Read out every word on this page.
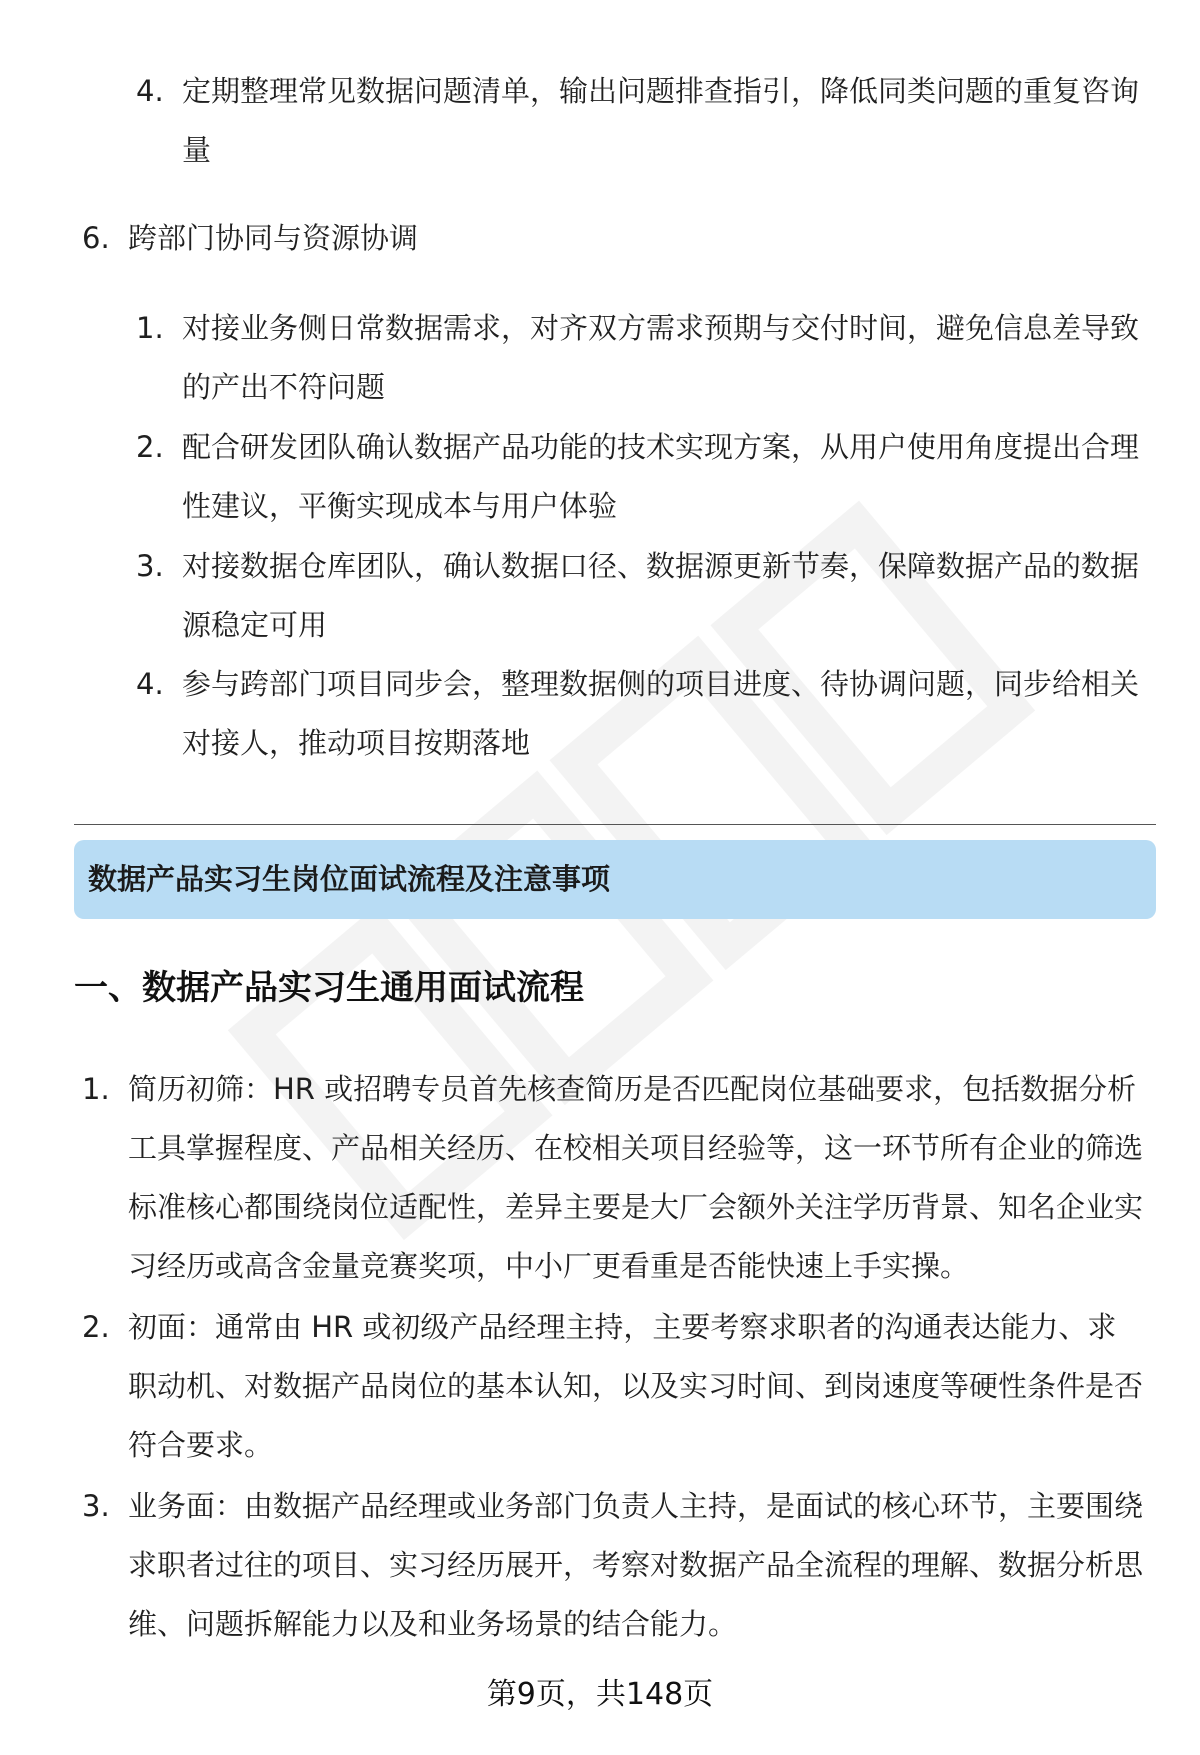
4. 定期整理常见数据问题清单，输出问题排查指引，降低同类问题的重复咨询量
6. 跨部门协同与资源协调
1. 对接业务侧日常数据需求，对齐双方需求预期与交付时间，避免信息差导致的产出不符问题
2. 配合研发团队确认数据产品功能的技术实现方案，从用户使用角度提出合理性建议，平衡实现成本与用户体验
3. 对接数据仓库团队，确认数据口径、数据源更新节奏，保障数据产品的数据源稳定可用
4. 参与跨部门项目同步会，整理数据侧的项目进度、待协调问题，同步给相关对接人，推动项目按期落地
数据产品实习生岗位面试流程及注意事项
一、数据产品实习生通用面试流程
1. 简历初筛：HR 或招聘专员首先核查简历是否匹配岗位基础要求，包括数据分析工具掌握程度、产品相关经历、在校相关项目经验等，这一环节所有企业的筛选标准核心都围绕岗位适配性，差异主要是大厂会额外关注学历背景、知名企业实习经历或高含金量竞赛奖项，中小厂更看重是否能快速上手实操。
2. 初面：通常由 HR 或初级产品经理主持，主要考察求职者的沟通表达能力、求职动机、对数据产品岗位的基本认知，以及实习时间、到岗速度等硬性条件是否符合要求。
3. 业务面：由数据产品经理或业务部门负责人主持，是面试的核心环节，主要围绕求职者过往的项目、实习经历展开，考察对数据产品全流程的理解、数据分析思维、问题拆解能力以及和业务场景的结合能力。
第9页，共148页
